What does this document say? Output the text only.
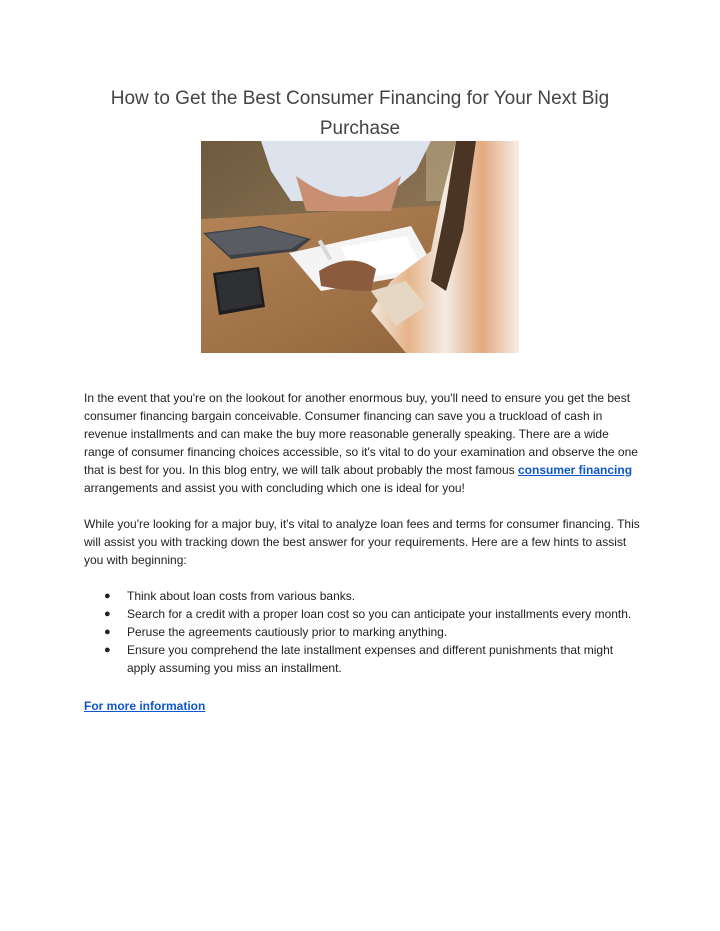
How to Get the Best Consumer Financing for Your Next Big Purchase

In the event that you're on the lookout for another enormous buy, you'll need to ensure you get the best consumer financing bargain conceivable. Consumer financing can save you a truckload of cash in revenue installments and can make the buy more reasonable generally speaking. There are a wide range of consumer financing choices accessible, so it's vital to do your examination and observe the one that is best for you. In this blog entry, we will talk about probably the most famous consumer financing arrangements and assist you with concluding which one is ideal for you!

While you're looking for a major buy, it's vital to analyze loan fees and terms for consumer financing. This will assist you with tracking down the best answer for your requirements. Here are a few hints to assist you with beginning:

● Think about loan costs from various banks.
● Search for a credit with a proper loan cost so you can anticipate your installments every month.
● Peruse the agreements cautiously prior to marking anything.
● Ensure you comprehend the late installment expenses and different punishments that might apply assuming you miss an installment.
For more information
